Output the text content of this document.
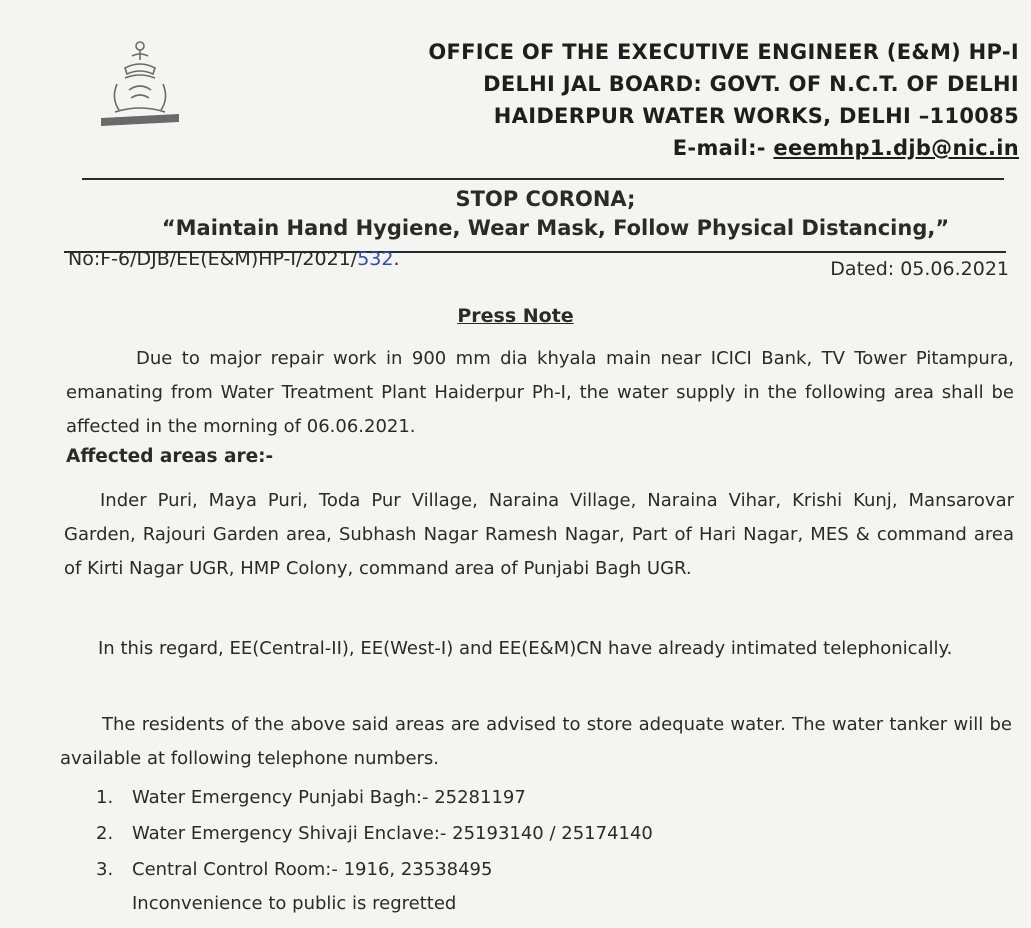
OFFICE OF THE EXECUTIVE ENGINEER (E&M) HP-I
DELHI JAL BOARD: GOVT. OF N.C.T. OF DELHI
HAIDERPUR WATER WORKS, DELHI –110085
E-mail:- eeemhp1.djb@nic.in
STOP CORONA;
“Maintain Hand Hygiene, Wear Mask, Follow Physical Distancing,”
No:F-6/DJB/EE(E&M)HP-I/2021/532.	Dated: 05.06.2021
Press Note
Due to major repair work in 900 mm dia khyala main near ICICI Bank, TV Tower Pitampura, emanating from Water Treatment Plant Haiderpur Ph-I, the water supply in the following area shall be affected in the morning of 06.06.2021.
Affected areas are:-
Inder Puri, Maya Puri, Toda Pur Village, Naraina Village, Naraina Vihar, Krishi Kunj, Mansarovar Garden, Rajouri Garden area, Subhash Nagar Ramesh Nagar, Part of Hari Nagar, MES & command area of Kirti Nagar UGR, HMP Colony, command area of Punjabi Bagh UGR.
In this regard, EE(Central-II), EE(West-I) and EE(E&M)CN have already intimated telephonically.
The residents of the above said areas are advised to store adequate water. The water tanker will be available at following telephone numbers.
1. Water Emergency Punjabi Bagh:- 25281197
2. Water Emergency Shivaji Enclave:- 25193140 / 25174140
3. Central Control Room:- 1916, 23538495
Inconvenience to public is regretted
